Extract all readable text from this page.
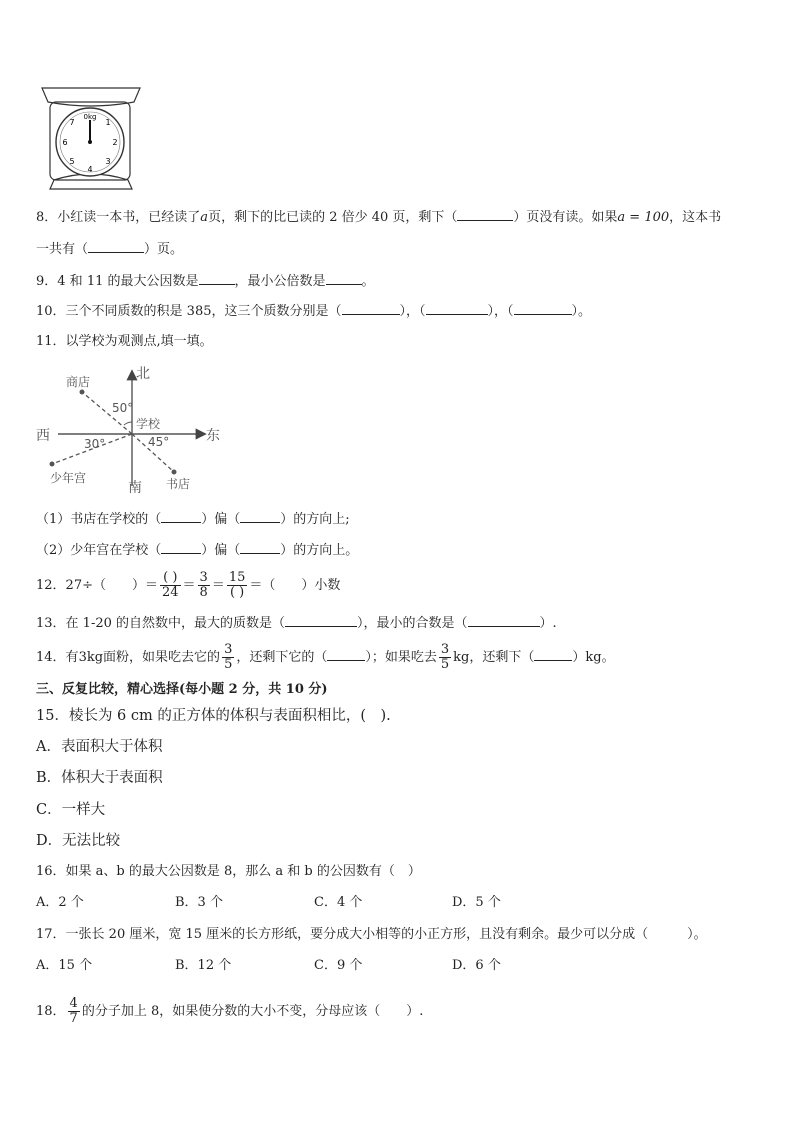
0kg
1
2
3
4
5
6
7
8．小红读一本书，已经读了a页，剩下的比已读的 2 倍少 40 页，剩下（	）页没有读。如果a = 100，这本书
一共有（	）页。
9．4 和 11 的最大公因数是	，最小公倍数是	。
10．三个不同质数的积是 385，这三个质数分别是（	），（	），（	）。
11．以学校为观测点,填一填。
北
南
西	东
商店
少年宫	书店
学校
50°
30°	45°
（1）书店在学校的（	）偏（	）的方向上;
（2）少年宫在学校（	）偏（	）的方向上。
12．27÷（　　）＝ $\frac{( )}{24} = \frac{3}{8} = \frac{15}{( )}$ ＝（　　）小数
13．在 1-20 的自然数中，最大的质数是（	），最小的合数是（	）.
14．有3kg面粉，如果吃去它的 $\frac{3}{5}$ ，还剩下它的（	）；如果吃去 $\frac{3}{5}$ kg，还剩下（	）kg。
三、反复比较，精心选择(每小题 2 分，共 10 分)
15．棱长为 6 cm 的正方体的体积与表面积相比，(　).
A．表面积大于体积
B．体积大于表面积
C．一样大
D．无法比较
16．如果 a、b 的最大公因数是 8，那么 a 和 b 的公因数有（　）
A．2 个	B．3 个	C．4 个	D．5 个
17．一张长 20 厘米，宽 15 厘米的长方形纸，要分成大小相等的小正方形，且没有剩余。最少可以分成（　　　）。
A．15 个	B．12 个	C．9 个	D．6 个
18． $\frac{4}{7}$ 的分子加上 8，如果使分数的大小不变，分母应该（　　）.
